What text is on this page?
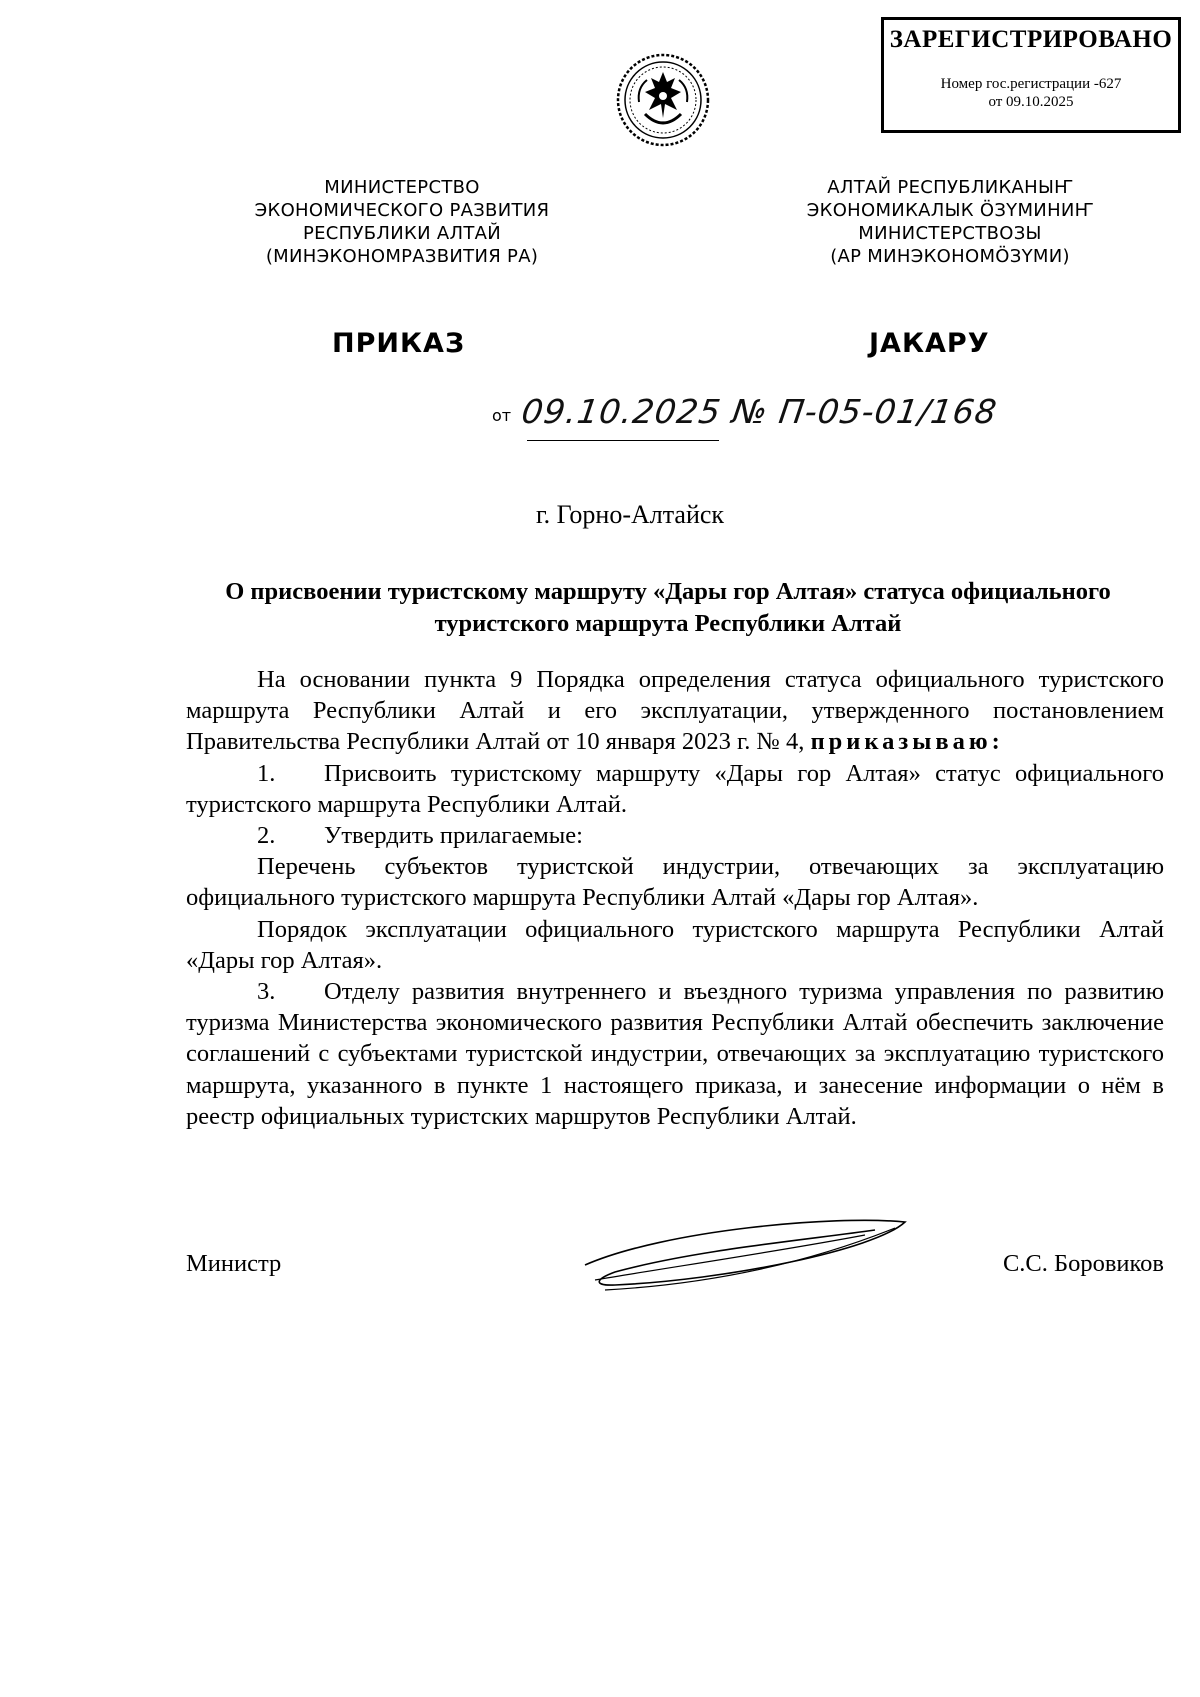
ЗАРЕГИСТРИРОВАНО
Номер гос.регистрации -627
от 09.10.2025
МИНИСТЕРСТВО
ЭКОНОМИЧЕСКОГО РАЗВИТИЯ
РЕСПУБЛИКИ АЛТАЙ
(МИНЭКОНОМРАЗВИТИЯ РА)
АЛТАЙ РЕСПУБЛИКАНЫҤ
ЭКОНОМИКАЛЫК ÖЗҮМИНИҤ
МИНИСТЕРСТВОЗЫ
(АР МИНЭКОНОМÖЗҮМИ)
ПРИКАЗ	JАКАРУ
от 09.10.2025 № П-05-01/168
г. Горно-Алтайск
О присвоении туристскому маршруту «Дары гор Алтая» статуса официального
туристского маршрута Республики Алтай

На основании пункта 9 Порядка определения статуса официального туристского маршрута Республики Алтай и его эксплуатации, утвержденного постановлением Правительства Республики Алтай от 10 января 2023 г. № 4, приказываю:

1. Присвоить туристскому маршруту «Дары гор Алтая» статус официального туристского маршрута Республики Алтай.

2. Утвердить прилагаемые:

Перечень субъектов туристской индустрии, отвечающих за эксплуатацию официального туристского маршрута Республики Алтай «Дары гор Алтая».

Порядок эксплуатации официального туристского маршрута Республики Алтай «Дары гор Алтая».

3. Отделу развития внутреннего и въездного туризма управления по развитию туризма Министерства экономического развития Республики Алтай обеспечить заключение соглашений с субъектами туристской индустрии, отвечающих за эксплуатацию туристского маршрута, указанного в пункте 1 настоящего приказа, и занесение информации о нём в реестр официальных туристских маршрутов Республики Алтай.

Министр	С.С. Боровиков
